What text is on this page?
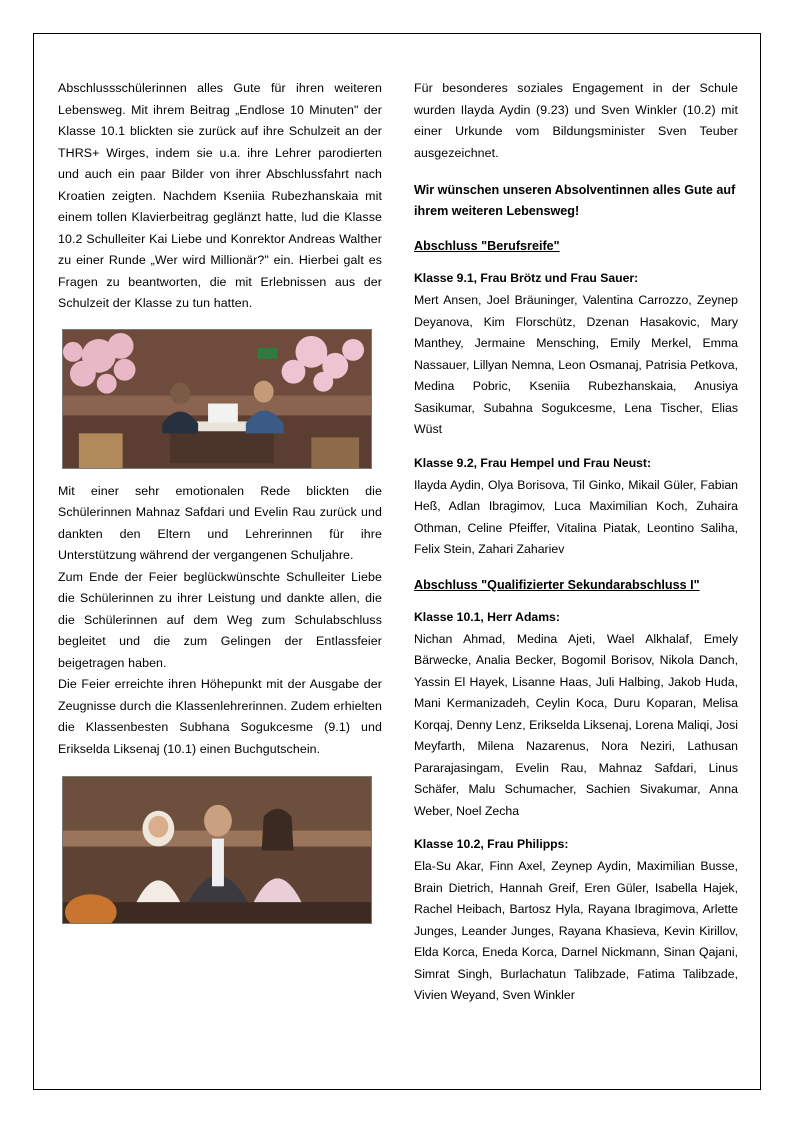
Abschlussschülerinnen alles Gute für ihren weiteren Lebensweg. Mit ihrem Beitrag „Endlose 10 Minuten" der Klasse 10.1 blickten sie zurück auf ihre Schulzeit an der THRS+ Wirges, indem sie u.a. ihre Lehrer parodierten und auch ein paar Bilder von ihrer Abschlussfahrt nach Kroatien zeigten. Nachdem Kseniia Rubezhanskaia mit einem tollen Klavierbeitrag geglänzt hatte, lud die Klasse 10.2 Schulleiter Kai Liebe und Konrektor Andreas Walther zu einer Runde „Wer wird Millionär?" ein. Hierbei galt es Fragen zu beantworten, die mit Erlebnissen aus der Schulzeit der Klasse zu tun hatten.

Mit einer sehr emotionalen Rede blickten die Schülerinnen Mahnaz Safdari und Evelin Rau zurück und dankten den Eltern und Lehrerinnen für ihre Unterstützung während der vergangenen Schuljahre.

Zum Ende der Feier beglückwünschte Schulleiter Liebe die Schülerinnen zu ihrer Leistung und dankte allen, die die Schülerinnen auf dem Weg zum Schulabschluss begleitet und die zum Gelingen der Entlassfeier beigetragen haben.

Die Feier erreichte ihren Höhepunkt mit der Ausgabe der Zeugnisse durch die Klassenlehrerinnen. Zudem erhielten die Klassenbesten Subhana Sogukcesme (9.1) und Erikselda Liksenaj (10.1) einen Buchgutschein.

Für besonderes soziales Engagement in der Schule wurden Ilayda Aydin (9.23) und Sven Winkler (10.2) mit einer Urkunde vom Bildungsminister Sven Teuber ausgezeichnet.

Wir wünschen unseren Absolventinnen alles Gute auf ihrem weiteren Lebensweg!
Abschluss "Berufsreife"
Klasse 9.1, Frau Brötz und Frau Sauer:

Mert Ansen, Joel Bräuninger, Valentina Carrozzo, Zeynep Deyanova, Kim Florschütz, Dzenan Hasakovic, Mary Manthey, Jermaine Mensching, Emily Merkel, Emma Nassauer, Lillyan Nemna, Leon Osmanaj, Patrisia Petkova, Medina Pobric, Kseniia Rubezhanskaia, Anusiya Sasikumar, Subahna Sogukcesme, Lena Tischer, Elias Wüst

Klasse 9.2, Frau Hempel und Frau Neust:

Ilayda Aydin, Olya Borisova, Til Ginko, Mikail Güler, Fabian Heß, Adlan Ibragimov, Luca Maximilian Koch, Zuhaira Othman, Celine Pfeiffer, Vitalina Piatak, Leontino Saliha, Felix Stein, Zahari Zahariev

Abschluss "Qualifizierter Sekundarabschluss I"
Klasse 10.1, Herr Adams:

Nichan Ahmad, Medina Ajeti, Wael Alkhalaf, Emely Bärwecke, Analia Becker, Bogomil Borisov, Nikola Danch, Yassin El Hayek, Lisanne Haas, Juli Halbing, Jakob Huda, Mani Kermanizadeh, Ceylin Koca, Duru Koparan, Melisa Korqaj, Denny Lenz, Erikselda Liksenaj, Lorena Maliqi, Josi Meyfarth, Milena Nazarenus, Nora Neziri, Lathusan Pararajasingam, Evelin Rau, Mahnaz Safdari, Linus Schäfer, Malu Schumacher, Sachien Sivakumar, Anna Weber, Noel Zecha

Klasse 10.2, Frau Philipps:

Ela-Su Akar, Finn Axel, Zeynep Aydin, Maximilian Busse, Brain Dietrich, Hannah Greif, Eren Güler, Isabella Hajek, Rachel Heibach, Bartosz Hyla, Rayana Ibragimova, Arlette Junges, Leander Junges, Rayana Khasieva, Kevin Kirillov, Elda Korca, Eneda Korca, Darnel Nickmann, Sinan Qajani, Simrat Singh, Burlachatun Talibzade, Fatima Talibzade, Vivien Weyand, Sven Winkler
